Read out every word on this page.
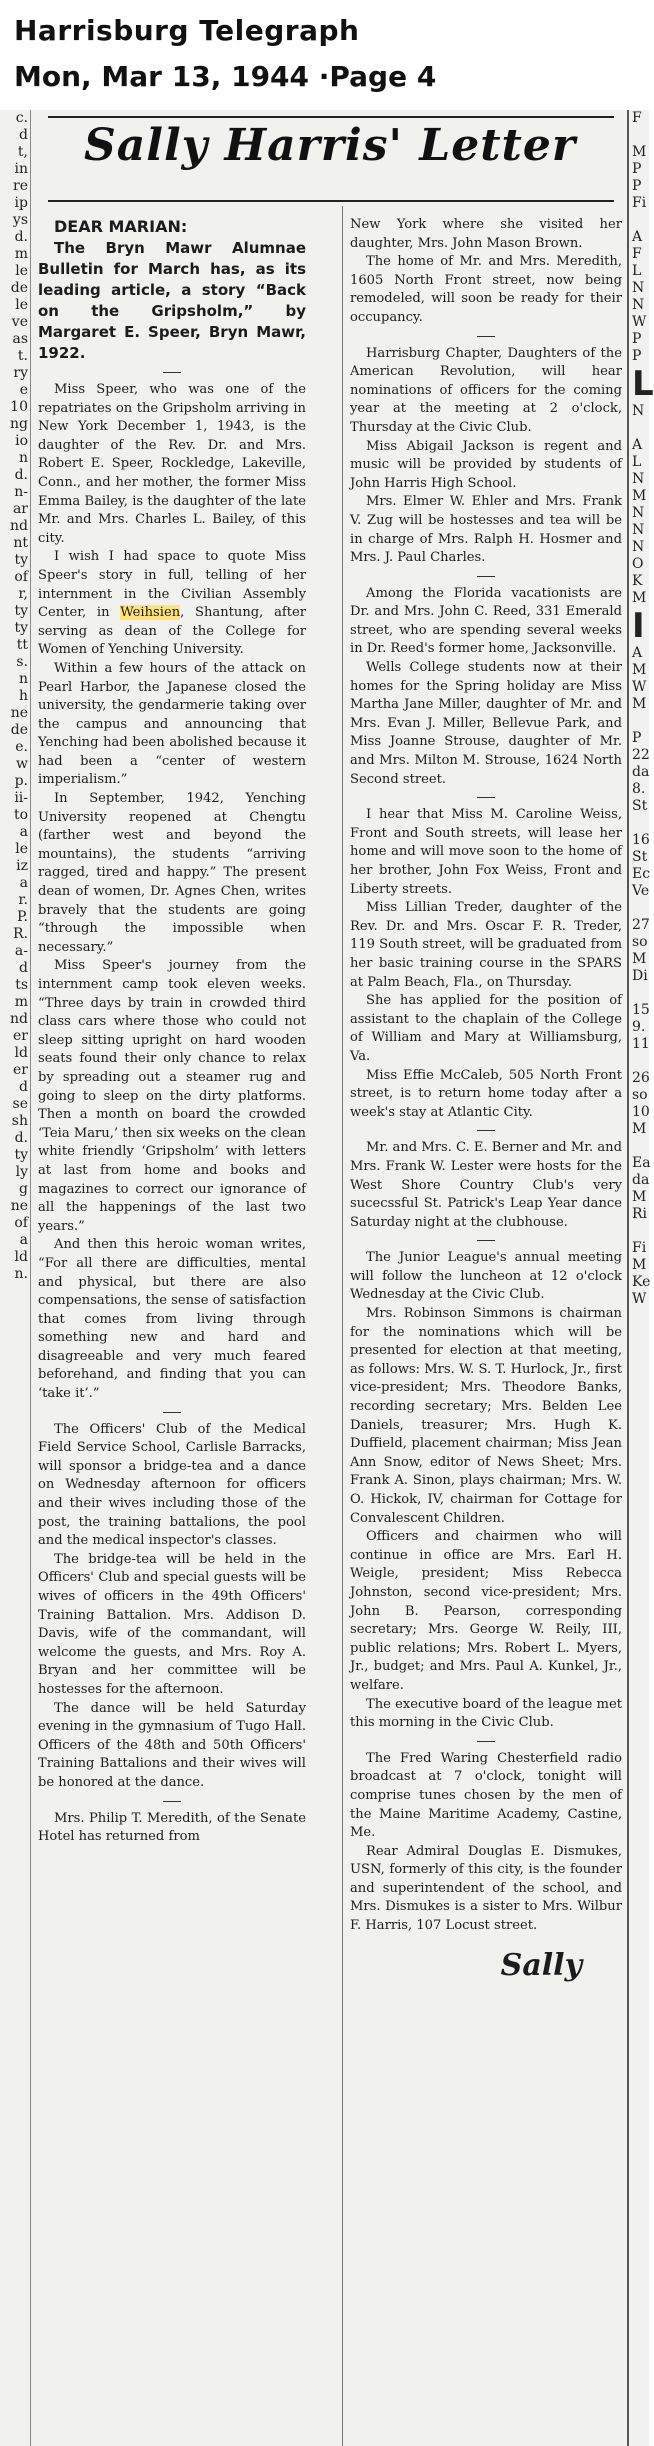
Harrisburg Telegraph
Mon, Mar 13, 1944 ·Page 4
c.
d
t,
in
re
ip
ys
d.
m
le
de
le
ve
as
t.
ry
e
10
ng
io
n
d.
n-
ar
nd
nt
ty
of
r,
ty
ty
tt
s.
n
h
ne
de
e.
w
p.
ii-
to
a
le
iz
a
r.
P.
R.
a-
d
ts
m
nd
er
ld
er
d
se
sh
d.
ty
ly
g
ne
of
a
ld
n.
F

M
P
P
Fi

A
F
L
N
N
W
P
P
L
N

A
L
N
M
N
N
N
O
K
M
I
A
M
W
M

P
22
da
8.
St

16
St
Ec
Ve

27
so
M
Di

15
9.
11

26
so
10
M

Ea
da
M
Ri

Fi
M
Ke
W
Sally Harris' Letter

DEAR MARIAN:

The Bryn Mawr Alumnae Bulletin for March has, as its leading article, a story “Back on the Gripsholm,” by Margaret E. Speer, Bryn Mawr, 1922.

Miss Speer, who was one of the repatriates on the Gripsholm arriving in New York December 1, 1943, is the daughter of the Rev. Dr. and Mrs. Robert E. Speer, Rockledge, Lakeville, Conn., and her mother, the former Miss Emma Bailey, is the daughter of the late Mr. and Mrs. Charles L. Bailey, of this city.

I wish I had space to quote Miss Speer's story in full, telling of her internment in the Civilian Assembly Center, in Weihsien, Shantung, after serving as dean of the College for Women of Yenching University.

Within a few hours of the attack on Pearl Harbor, the Japanese closed the university, the gendarmerie taking over the campus and announcing that Yenching had been abolished because it had been a “center of western imperialism.”

In September, 1942, Yenching University reopened at Chengtu (farther west and beyond the mountains), the students “arriving ragged, tired and happy.” The present dean of women, Dr. Agnes Chen, writes bravely that the students are going “through the impossible when necessary.”

Miss Speer's journey from the internment camp took eleven weeks. “Three days by train in crowded third class cars where those who could not sleep sitting upright on hard wooden seats found their only chance to relax by spreading out a steamer rug and going to sleep on the dirty platforms. Then a month on board the crowded ‘Teia Maru,’ then six weeks on the clean white friendly ‘Gripsholm’ with letters at last from home and books and magazines to correct our ignorance of all the happenings of the last two years.”

And then this heroic woman writes, “For all there are difficulties, mental and physical, but there are also compensations, the sense of satisfaction that comes from living through something new and hard and disagreeable and very much feared beforehand, and finding that you can ‘take it’.”

The Officers' Club of the Medical Field Service School, Carlisle Barracks, will sponsor a bridge-tea and a dance on Wednesday afternoon for officers and their wives including those of the post, the training battalions, the pool and the medical inspector's classes.

The bridge-tea will be held in the Officers' Club and special guests will be wives of officers in the 49th Officers' Training Battalion. Mrs. Addison D. Davis, wife of the commandant, will welcome the guests, and Mrs. Roy A. Bryan and her committee will be hostesses for the afternoon.

The dance will be held Saturday evening in the gymnasium of Tugo Hall. Officers of the 48th and 50th Officers' Training Battalions and their wives will be honored at the dance.

Mrs. Philip T. Meredith, of the Senate Hotel has returned from

New York where she visited her daughter, Mrs. John Mason Brown.

The home of Mr. and Mrs. Meredith, 1605 North Front street, now being remodeled, will soon be ready for their occupancy.

Harrisburg Chapter, Daughters of the American Revolution, will hear nominations of officers for the coming year at the meeting at 2 o'clock, Thursday at the Civic Club.

Miss Abigail Jackson is regent and music will be provided by students of John Harris High School.

Mrs. Elmer W. Ehler and Mrs. Frank V. Zug will be hostesses and tea will be in charge of Mrs. Ralph H. Hosmer and Mrs. J. Paul Charles.

Among the Florida vacationists are Dr. and Mrs. John C. Reed, 331 Emerald street, who are spending several weeks in Dr. Reed's former home, Jacksonville.

Wells College students now at their homes for the Spring holiday are Miss Martha Jane Miller, daughter of Mr. and Mrs. Evan J. Miller, Bellevue Park, and Miss Joanne Strouse, daughter of Mr. and Mrs. Milton M. Strouse, 1624 North Second street.

I hear that Miss M. Caroline Weiss, Front and South streets, will lease her home and will move soon to the home of her brother, John Fox Weiss, Front and Liberty streets.

Miss Lillian Treder, daughter of the Rev. Dr. and Mrs. Oscar F. R. Treder, 119 South street, will be graduated from her basic training course in the SPARS at Palm Beach, Fla., on Thursday.

She has applied for the position of assistant to the chaplain of the College of William and Mary at Williamsburg, Va.

Miss Effie McCaleb, 505 North Front street, is to return home today after a week's stay at Atlantic City.

Mr. and Mrs. C. E. Berner and Mr. and Mrs. Frank W. Lester were hosts for the West Shore Country Club's very sucecssful St. Patrick's Leap Year dance Saturday night at the clubhouse.

The Junior League's annual meeting will follow the luncheon at 12 o'clock Wednesday at the Civic Club.

Mrs. Robinson Simmons is chairman for the nominations which will be presented for election at that meeting, as follows: Mrs. W. S. T. Hurlock, Jr., first vice-president; Mrs. Theodore Banks, recording secretary; Mrs. Belden Lee Daniels, treasurer; Mrs. Hugh K. Duffield, placement chairman; Miss Jean Ann Snow, editor of News Sheet; Mrs. Frank A. Sinon, plays chairman; Mrs. W. O. Hickok, IV, chairman for Cottage for Convalescent Children.

Officers and chairmen who will continue in office are Mrs. Earl H. Weigle, president; Miss Rebecca Johnston, second vice-president; Mrs. John B. Pearson, corresponding secretary; Mrs. George W. Reily, III, public relations; Mrs. Robert L. Myers, Jr., budget; and Mrs. Paul A. Kunkel, Jr., welfare.

The executive board of the league met this morning in the Civic Club.

The Fred Waring Chesterfield radio broadcast at 7 o'clock, tonight will comprise tunes chosen by the men of the Maine Maritime Academy, Castine, Me.

Rear Admiral Douglas E. Dismukes, USN, formerly of this city, is the founder and superintendent of the school, and Mrs. Dismukes is a sister to Mrs. Wilbur F. Harris, 107 Locust street.

Sally
